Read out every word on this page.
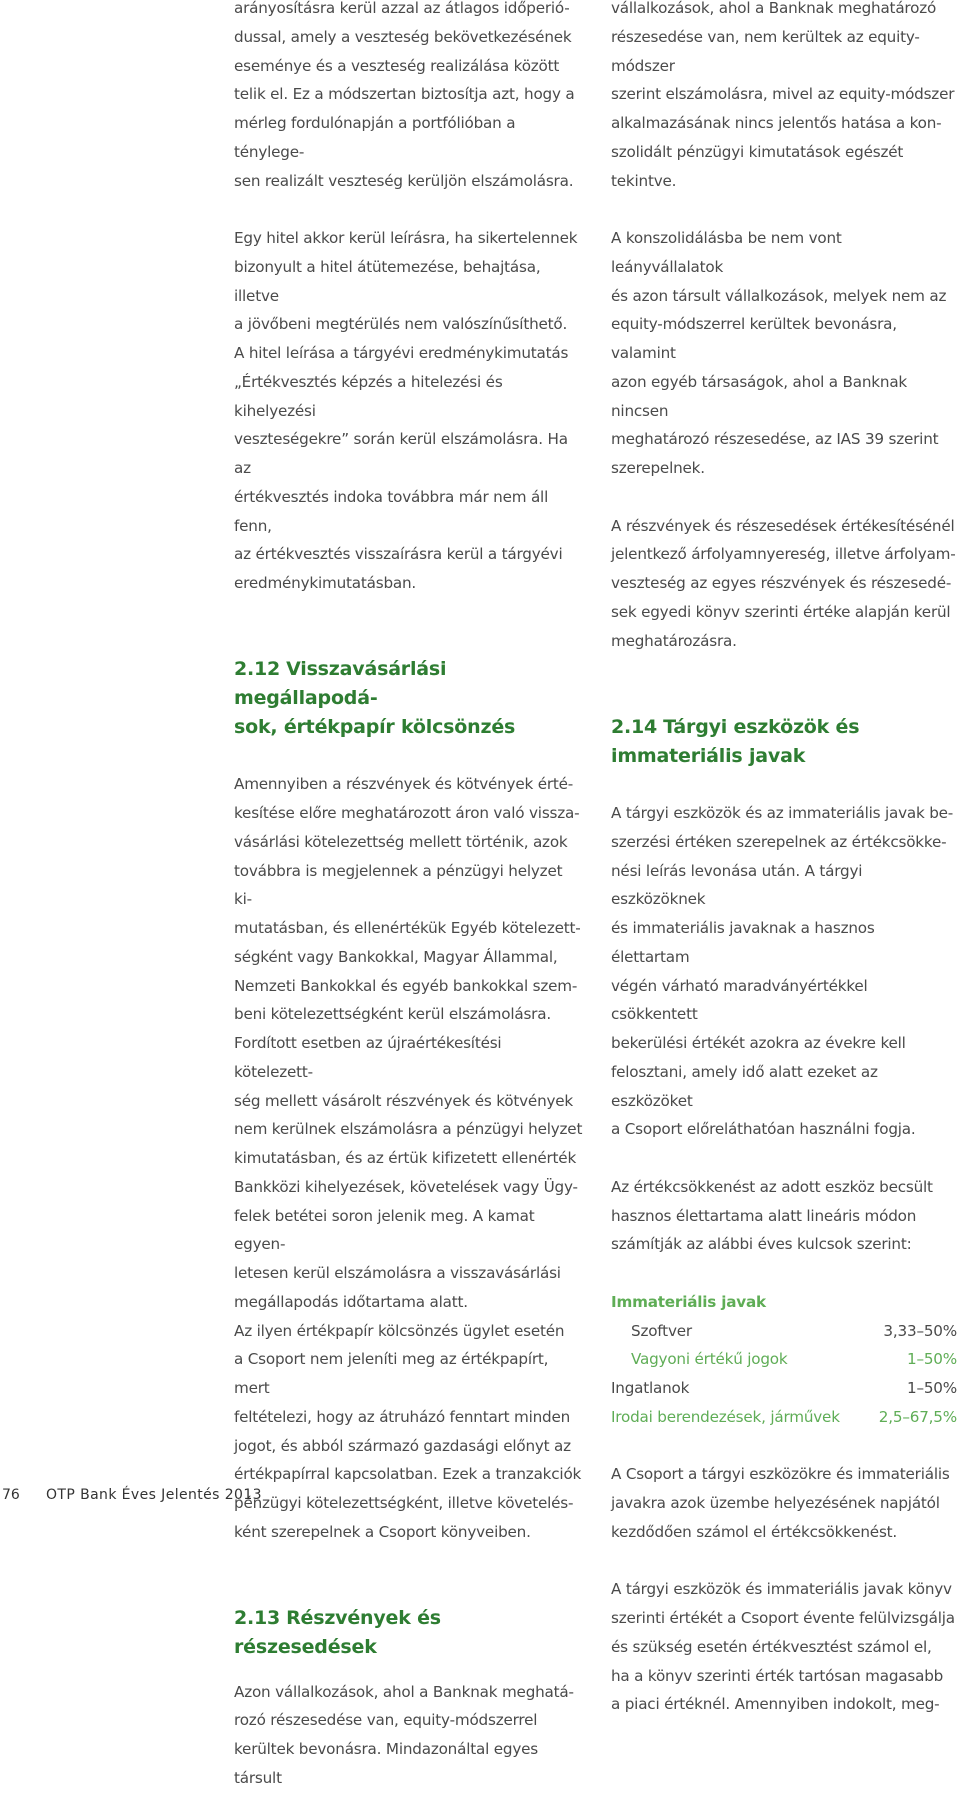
arányosításra kerül azzal az átlagos időperió-

dussal, amely a veszteség bekövetkezésének

eseménye és a veszteség realizálása között

telik el. Ez a módszertan biztosítja azt, hogy a

mérleg fordulónapján a portfólióban a ténylege-

sen realizált veszteség kerüljön elszámolásra.

Egy hitel akkor kerül leírásra, ha sikertelennek

bizonyult a hitel átütemezése, behajtása, illetve

a jövőbeni megtérülés nem valószínűsíthető.

A hitel leírása a tárgyévi eredménykimutatás

„Értékvesztés képzés a hitelezési és kihelyezési

veszteségekre” során kerül elszámolásra. Ha az

értékvesztés indoka továbbra már nem áll fenn,

az értékvesztés visszaírásra kerül a tárgyévi

eredménykimutatásban.

2.12 Visszavásárlási megállapodá-

sok, értékpapír kölcsönzés

Amennyiben a részvények és kötvények érté-

kesítése előre meghatározott áron való vissza-

vásárlási kötelezettség mellett történik, azok

továbbra is megjelennek a pénzügyi helyzet ki-

mutatásban, és ellenértékük Egyéb kötelezett-

ségként vagy Bankokkal, Magyar Állammal,

Nemzeti Bankokkal és egyéb bankokkal szem-

beni kötelezettségként kerül elszámolásra.

Fordított esetben az újraértékesítési kötelezett-

ség mellett vásárolt részvények és kötvények

nem kerülnek elszámolásra a pénzügyi helyzet

kimutatásban, és az értük kifizetett ellenérték

Bankközi kihelyezések, követelések vagy Ügy-

felek betétei soron jelenik meg. A kamat egyen-

letesen kerül elszámolásra a visszavásárlási

megállapodás időtartama alatt.

Az ilyen értékpapír kölcsönzés ügylet esetén

a Csoport nem jeleníti meg az értékpapírt, mert

feltételezi, hogy az átruházó fenntart minden

jogot, és abból származó gazdasági előnyt az

értékpapírral kapcsolatban. Ezek a tranzakciók

pénzügyi kötelezettségként, illetve követelés-

ként szerepelnek a Csoport könyveiben.

2.13 Részvények és részesedések

Azon vállalkozások, ahol a Banknak meghatá-

rozó részesedése van, equity-módszerrel

kerültek bevonásra. Mindazonáltal egyes társult

vállalkozások, ahol a Banknak meghatározó

részesedése van, nem kerültek az equity-módszer

szerint elszámolásra, mivel az equity-módszer

alkalmazásának nincs jelentős hatása a kon-

szolidált pénzügyi kimutatások egészét tekintve.

A konszolidálásba be nem vont leányvállalatok

és azon társult vállalkozások, melyek nem az

equity-módszerrel kerültek bevonásra, valamint

azon egyéb társaságok, ahol a Banknak nincsen

meghatározó részesedése, az IAS 39 szerint

szerepelnek.

A részvények és részesedések értékesítésénél

jelentkező árfolyamnyereség, illetve árfolyam-

veszteség az egyes részvények és részesedé-

sek egyedi könyv szerinti értéke alapján kerül

meghatározásra.

2.14 Tárgyi eszközök és

immateriális javak

A tárgyi eszközök és az immateriális javak be-

szerzési értéken szerepelnek az értékcsökke-

nési leírás levonása után. A tárgyi eszközöknek

és immateriális javaknak a hasznos élettartam

végén várható maradványértékkel csökkentett

bekerülési értékét azokra az évekre kell

felosztani, amely idő alatt ezeket az eszközöket

a Csoport előreláthatóan használni fogja.

Az értékcsökkenést az adott eszköz becsült

hasznos élettartama alatt lineáris módon

számítják az alábbi éves kulcsok szerint:

Immateriális javak

Szoftver	3,33–50%
Vagyoni értékű jogok	1–50%
Ingatlanok	1–50%
Irodai berendezések, járművek	2,5–67,5%

A Csoport a tárgyi eszközökre és immateriális

javakra azok üzembe helyezésének napjától

kezdődően számol el értékcsökkenést.

A tárgyi eszközök és immateriális javak könyv

szerinti értékét a Csoport évente felülvizsgálja

és szükség esetén értékvesztést számol el,

ha a könyv szerinti érték tartósan magasabb

a piaci értéknél. Amennyiben indokolt, meg-

76 OTP Bank Éves Jelentés 2013
